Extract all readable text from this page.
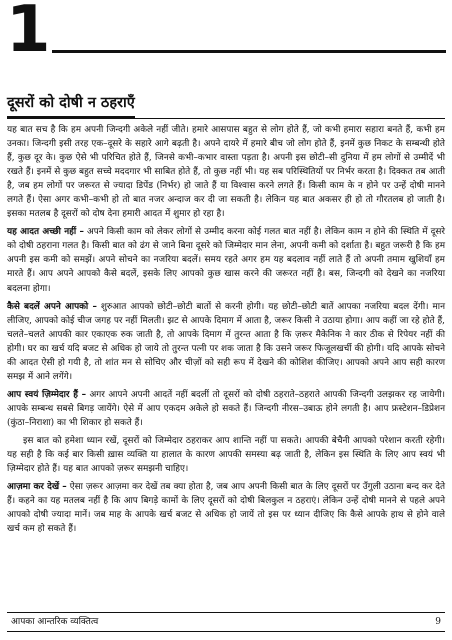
1
दूसरों को दोषी न ठहराएँ

यह बात सच है कि हम अपनी जिन्दगी अकेले नहीं जीते। हमारे आसपास बहुत से लोग होते हैं, जो कभी हमारा सहारा बनते हैं, कभी हम उनका। जिन्दगी इसी तरह एक–दूसरे के सहारे आगे बढ़ती है। अपने दायरे में हमारे बीच जो लोग होते हैं, इनमें कुछ निकट के सम्बन्धी होते हैं, कुछ दूर के। कुछ ऐसे भी परिचित होते हैं, जिनसे कभी–कभार वास्ता पड़ता है। अपनी इस छोटी–सी दुनिया में हम लोगों से उम्मीदें भी रखते हैं। इनमें से कुछ बहुत सच्चे मददगार भी साबित होते हैं, तो कुछ नहीं भी। यह सब परिस्थितियों पर निर्भर करता है। दिक्कत तब आती है, जब हम लोगों पर जरूरत से ज्यादा डिपेंड (निर्भर) हो जाते हैं या विश्वास करने लगते हैं। किसी काम के न होने पर उन्हें दोषी मानने लगते हैं। ऐसा अगर कभी–कभी हो तो बात नजर अन्दाज कर दी जा सकती है। लेकिन यह बात अकसर ही हो तो गौरतलब हो जाती है। इसका मतलब है दूसरों को दोष देना हमारी आदत में शुमार हो रहा है।

यह आदत अच्छी नहीं – अपने किसी काम को लेकर लोगों से उम्मीद करना कोई गलत बात नहीं है। लेकिन काम न होने की स्थिति में दूसरे को दोषी ठहराना गलत है। किसी बात को ढंग से जाने बिना दूसरे को जिम्मेदार मान लेना, अपनी कमी को दर्शाता है। बहुत जरूरी है कि हम अपनी इस कमी को समझें। अपने सोचने का नजरिया बदलें। समय रहते अगर हम यह बदलाव नहीं लाते हैं तो अपनी तमाम खुशियाँ हम मारते हैं। आप अपने आपको कैसे बदलें, इसके लिए आपको कुछ खास करने की जरूरत नहीं है। बस, जिन्दगी को देखने का नजरिया बदलना होगा।

कैसे बदलें अपने आपको – शुरुआत आपको छोटी–छोटी बातों से करनी होगी। यह छोटी–छोटी बातें आपका नजरिया बदल देंगी। मान लीजिए, आपको कोई चीज जगह पर नहीं मिलती। झट से आपके दिमाग में आता है, जरूर किसी ने उठाया होगा। आप कहीं जा रहे होते हैं, चलते–चलते आपकी कार एकाएक रुक जाती है, तो आपके दिमाग में तुरन्त आता है कि ज़रूर मैकेनिक ने कार ठीक से रिपेयर नहीं की होगी। घर का खर्च यदि बजट से अधिक हो जाये तो तुरन्त पत्नी पर शक जाता है कि उसने जरूर फिजूलखर्ची की होगी। यदि आपके सोचने की आदत ऐसी हो गयी है, तो शांत मन से सोचिए और चीज़ों को सही रूप में देखने की कोशिश कीजिए। आपको अपने आप सही कारण समझ में आने लगेंगे।

आप स्वयं ज़िम्मेदार हैं – अगर आपने अपनी आदतें नहीं बदलीं तो दूसरों को दोषी ठहराते–ठहराते आपकी जिन्दगी उलझकर रह जायेगी। आपके सम्बन्ध सबसे बिगड़ जायेंगे। ऐसे में आप एकदम अकेले हो सकते हैं। जिन्दगी नीरस–उबाऊ होने लगती है। आप फ्रस्टेशन–डिप्रेशन (कुंठा–निराशा) का भी शिकार हो सकते हैं।

इस बात को हमेशा ध्यान रखें, दूसरों को जिम्मेदार ठहराकर आप शान्ति नहीं पा सकते। आपकी बेचैनी आपको परेशान करती रहेगी। यह सही है कि कई बार किसी ख़ास व्यक्ति या हालात के कारण आपकी समस्या बढ़ जाती है, लेकिन इस स्थिति के लिए आप स्वयं भी ज़िम्मेदार होते हैं। यह बात आपको ज़रूर समझनी चाहिए।

आज़मा कर देखें – ऐसा ज़रूर आज़मा कर देखें तब क्या होता है, जब आप अपनी किसी बात के लिए दूसरों पर उँगुली उठाना बन्द कर देते हैं। कहने का यह मतलब नहीं है कि आप बिगड़े कामों के लिए दूसरों को दोषी बिलकुल न ठहराएं। लेकिन उन्हें दोषी मानने से पहले अपने आपको दोषी ज्यादा मानें। जब माह के आपके खर्च बजट से अधिक हो जायें तो इस पर ध्यान दीजिए कि कैसे आपके हाथ से होने वाले खर्च कम हो सकते हैं।

आपका आन्तरिक व्यक्तित्व	9
